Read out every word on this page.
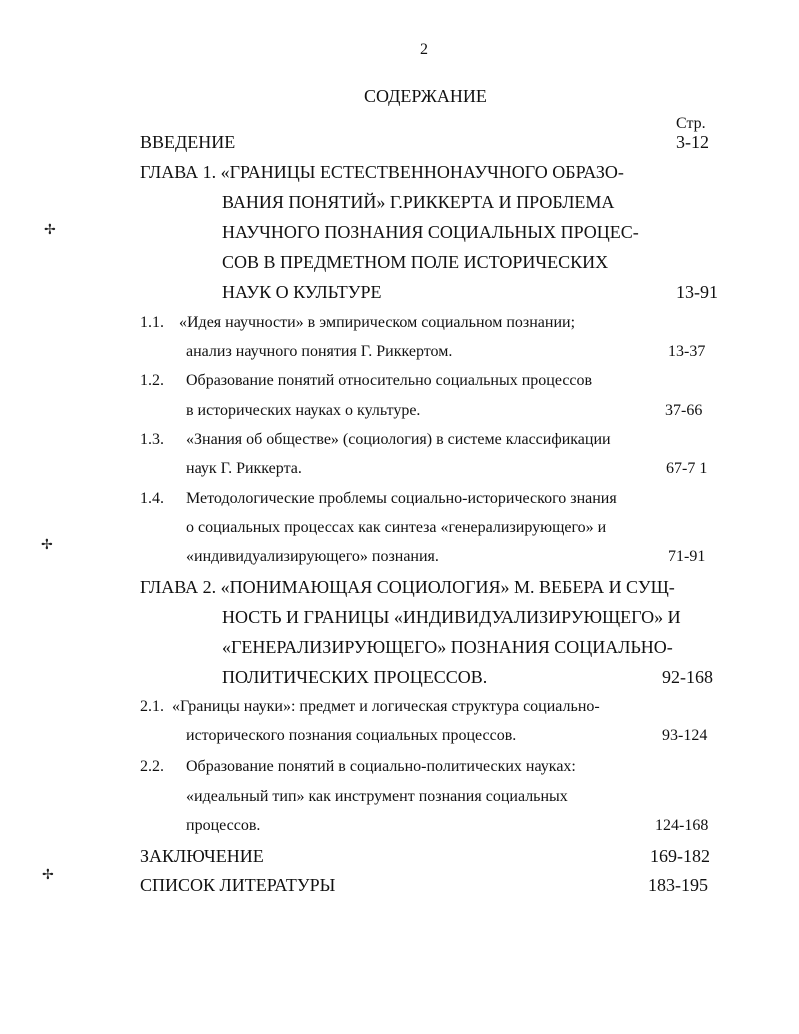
2
СОДЕРЖАНИЕ
Стр.
ВВЕДЕНИЕ	3-12
ГЛАВА 1. «ГРАНИЦЫ ЕСТЕСТВЕННОНАУЧНОГО ОБРАЗО-
ВАНИЯ ПОНЯТИЙ» Г.РИККЕРТА И ПРОБЛЕМА
НАУЧНОГО ПОЗНАНИЯ СОЦИАЛЬНЫХ ПРОЦЕС-
СОВ В ПРЕДМЕТНОМ ПОЛЕ ИСТОРИЧЕСКИХ
НАУК О КУЛЬТУРЕ	13-91
1.1. «Идея научности» в эмпирическом социальном познании;
анализ научного понятия Г. Риккертом.	13-37
1.2. Образование понятий относительно социальных процессов
в исторических науках о культуре.	37-66
1.3. «Знания об обществе» (социология) в системе классификации
наук Г. Риккерта.	67-7 1
1.4. Методологические проблемы социально-исторического знания
о социальных процессах как синтеза «генерализирующего» и
«индивидуализирующего» познания.	71-91
ГЛАВА 2. «ПОНИМАЮЩАЯ СОЦИОЛОГИЯ» М. ВЕБЕРА И СУЩ-
НОСТЬ И ГРАНИЦЫ «ИНДИВИДУАЛИЗИРУЮЩЕГО» И
«ГЕНЕРАЛИЗИРУЮЩЕГО» ПОЗНАНИЯ СОЦИАЛЬНО-
ПОЛИТИЧЕСКИХ ПРОЦЕССОВ.	92-168
2.1. «Границы науки»: предмет и логическая структура социально-
исторического познания социальных процессов.	93-124
2.2. Образование понятий в социально-политических науках:
«идеальный тип» как инструмент познания социальных
процессов.	124-168
ЗАКЛЮЧЕНИЕ	169-182
СПИСОК ЛИТЕРАТУРЫ	183-195
✢
✢
✢
